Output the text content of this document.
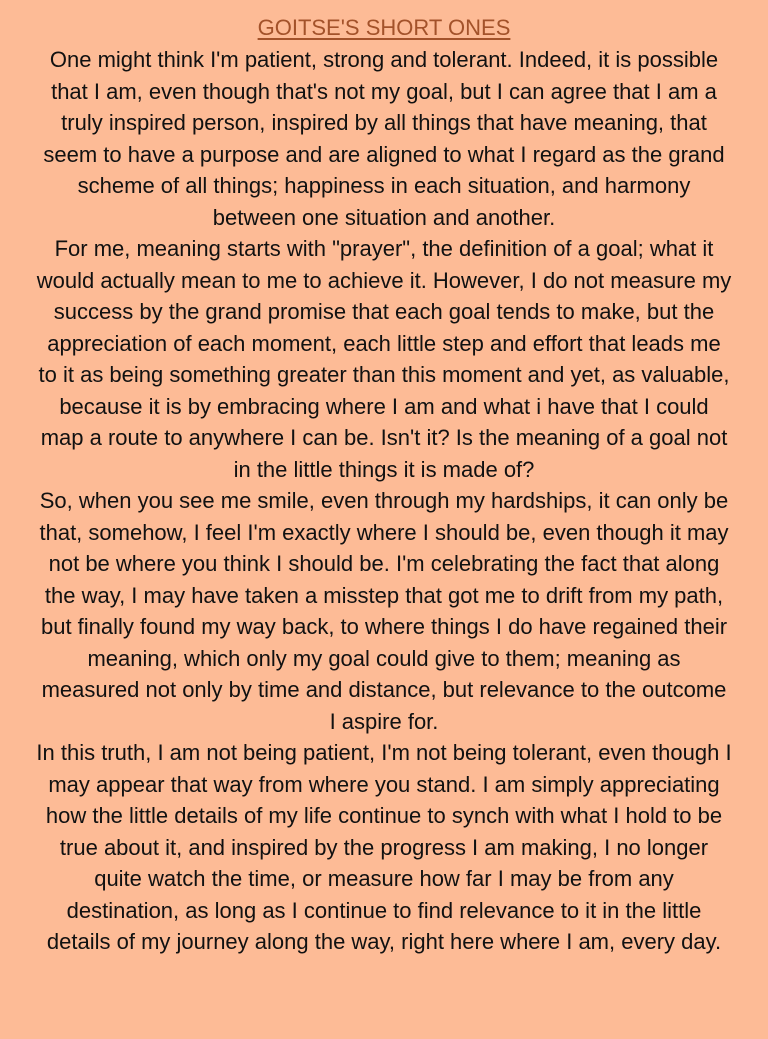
GOITSE'S SHORT ONES

One might think I'm patient, strong and tolerant. Indeed, it is possible that I am, even though that's not my goal, but I can agree that I am a truly inspired person, inspired by all things that have meaning, that seem to have a purpose and are aligned to what I regard as the grand scheme of all things; happiness in each situation, and harmony between one situation and another.

For me, meaning starts with "prayer", the definition of a goal; what it would actually mean to me to achieve it. However, I do not measure my success by the grand promise that each goal tends to make, but the appreciation of each moment, each little step and effort that leads me to it as being something greater than this moment and yet, as valuable, because it is by embracing where I am and what i have that I could map a route to anywhere I can be. Isn't it? Is the meaning of a goal not in the little things it is made of?

So, when you see me smile, even through my hardships, it can only be that, somehow, I feel I'm exactly where I should be, even though it may not be where you think I should be. I'm celebrating the fact that along the way, I may have taken a misstep that got me to drift from my path, but finally found my way back, to where things I do have regained their meaning, which only my goal could give to them; meaning as measured not only by time and distance, but relevance to the outcome I aspire for.

In this truth, I am not being patient, I'm not being tolerant, even though I may appear that way from where you stand. I am simply appreciating how the little details of my life continue to synch with what I hold to be true about it, and inspired by the progress I am making, I no longer quite watch the time, or measure how far I may be from any destination, as long as I continue to find relevance to it in the little details of my journey along the way, right here where I am, every day.
